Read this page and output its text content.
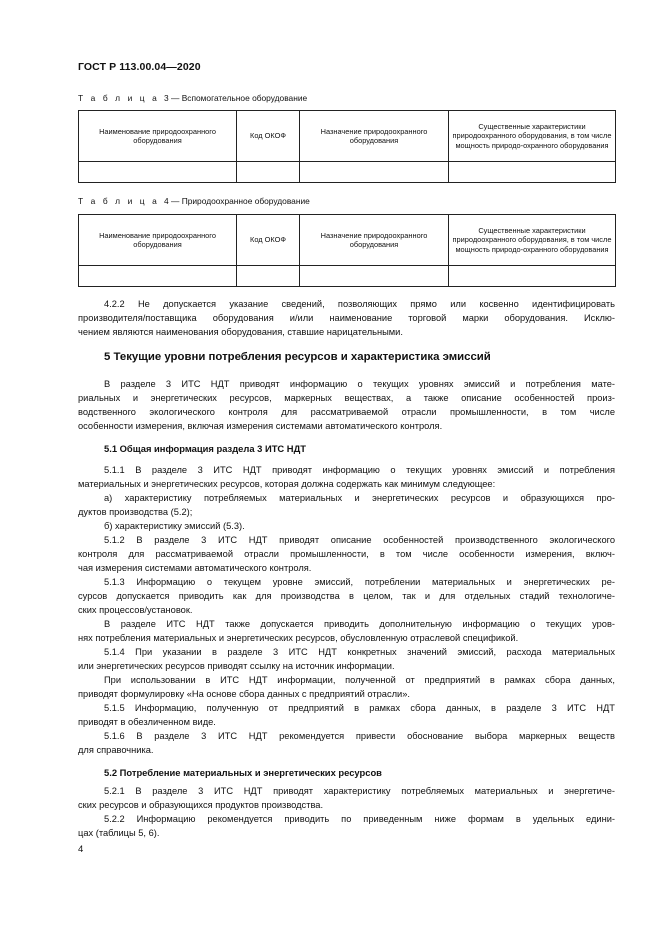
ГОСТ Р 113.00.04—2020
Т а б л и ц а 3 — Вспомогательное оборудование
Наименование природоохранного оборудования	Код ОКОФ	Назначение природоохранного оборудования	Существенные характеристики природоохранного оборудования, в том числе мощность природо-охранного оборудования

Т а б л и ц а 4 — Природоохранное оборудование
Наименование природоохранного оборудования	Код ОКОФ	Назначение природоохранного оборудования	Существенные характеристики природоохранного оборудования, в том числе мощность природо-охранного оборудования

4.2.2 Не допускается указание сведений, позволяющих прямо или косвенно идентифицировать
производителя/поставщика оборудования и/или наименование торговой марки оборудования. Исклю-
чением являются наименования оборудования, ставшие нарицательными.
5 Текущие уровни потребления ресурсов и характеристика эмиссий
В разделе 3 ИТС НДТ приводят информацию о текущих уровнях эмиссий и потребления мате-
риальных и энергетических ресурсов, маркерных веществах, а также описание особенностей произ-
водственного экологического контроля для рассматриваемой отрасли промышленности, в том числе
особенности измерения, включая измерения системами автоматического контроля.
5.1 Общая информация раздела 3 ИТС НДТ
5.1.1 В разделе 3 ИТС НДТ приводят информацию о текущих уровнях эмиссий и потребления
материальных и энергетических ресурсов, которая должна содержать как минимум следующее:
а) характеристику потребляемых материальных и энергетических ресурсов и образующихся про-
дуктов производства (5.2);
б) характеристику эмиссий (5.3).
5.1.2 В разделе 3 ИТС НДТ приводят описание особенностей производственного экологического
контроля для рассматриваемой отрасли промышленности, в том числе особенности измерения, включ-
чая измерения системами автоматического контроля.
5.1.3 Информацию о текущем уровне эмиссий, потреблении материальных и энергетических ре-
сурсов допускается приводить как для производства в целом, так и для отдельных стадий технологиче-
ских процессов/установок.
В разделе ИТС НДТ также допускается приводить дополнительную информацию о текущих уров-
нях потребления материальных и энергетических ресурсов, обусловленную отраслевой спецификой.
5.1.4 При указании в разделе 3 ИТС НДТ конкретных значений эмиссий, расхода материальных
или энергетических ресурсов приводят ссылку на источник информации.
При использовании в ИТС НДТ информации, полученной от предприятий в рамках сбора данных,
приводят формулировку «На основе сбора данных с предприятий отрасли».
5.1.5 Информацию, полученную от предприятий в рамках сбора данных, в разделе 3 ИТС НДТ
приводят в обезличенном виде.
5.1.6 В разделе 3 ИТС НДТ рекомендуется привести обоснование выбора маркерных веществ
для справочника.
5.2 Потребление материальных и энергетических ресурсов
5.2.1 В разделе 3 ИТС НДТ приводят характеристику потребляемых материальных и энергетиче-
ских ресурсов и образующихся продуктов производства.
5.2.2 Информацию рекомендуется приводить по приведенным ниже формам в удельных едини-
цах (таблицы 5, 6).
4
